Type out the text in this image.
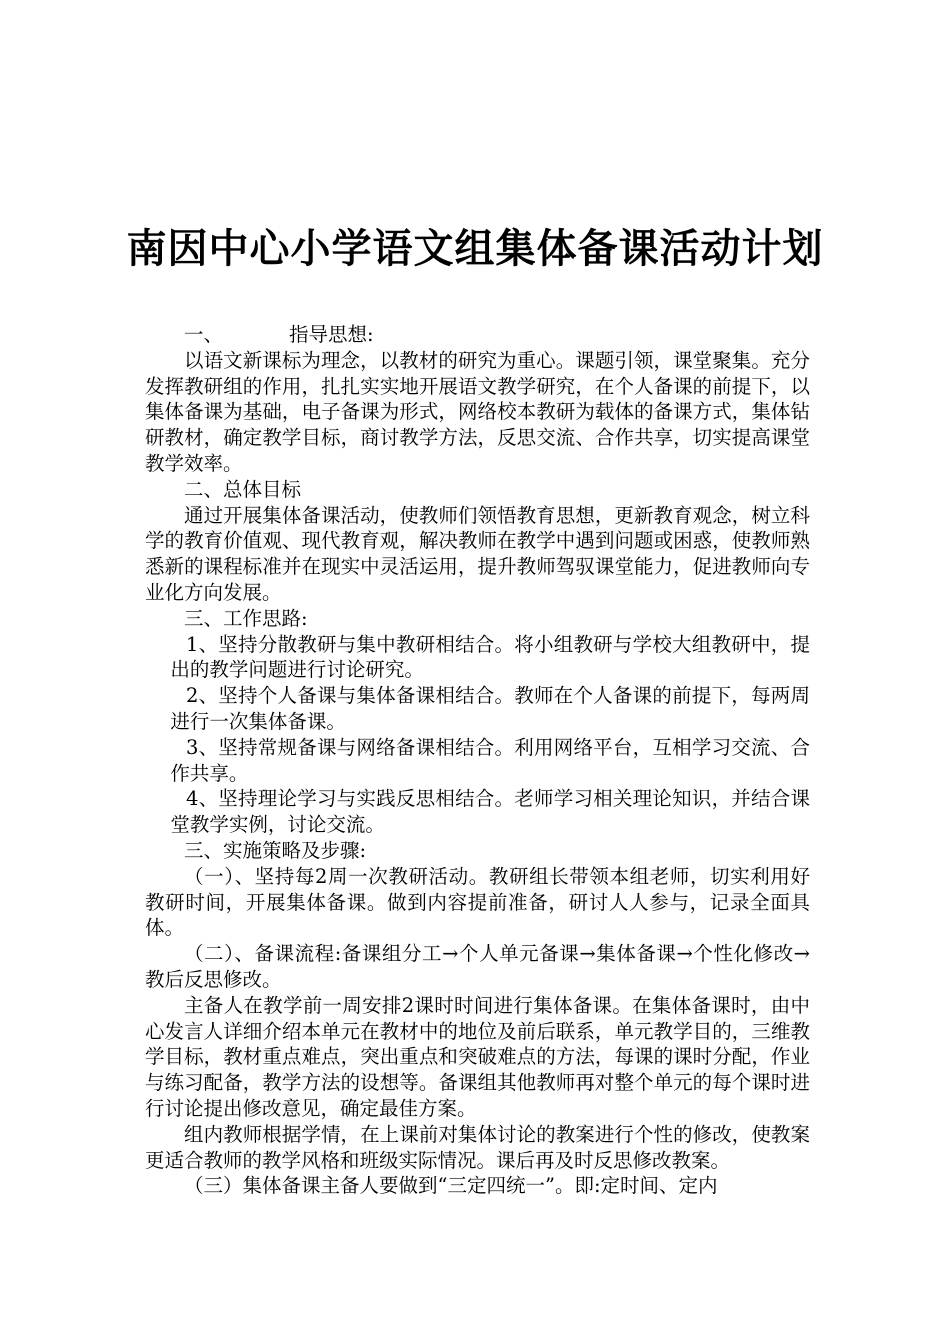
南因中心小学语文组集体备课活动计划

一、	指导思想:

以语文新课标为理念，以教材的研究为重心。课题引领，课堂聚集。充分发挥教研组的作用，扎扎实实地开展语文教学研究，在个人备课的前提下，以集体备课为基础，电子备课为形式，网络校本教研为载体的备课方式，集体钻研教材，确定教学目标，商讨教学方法，反思交流、合作共享，切实提高课堂教学效率。

二、总体目标

通过开展集体备课活动，使教师们领悟教育思想，更新教育观念，树立科学的教育价值观、现代教育观，解决教师在教学中遇到问题或困惑，使教师熟悉新的课程标准并在现实中灵活运用，提升教师驾驭课堂能力，促进教师向专业化方向发展。

三、工作思路:

1、坚持分散教研与集中教研相结合。将小组教研与学校大组教研中，提出的教学问题进行讨论研究。

2、坚持个人备课与集体备课相结合。教师在个人备课的前提下，每两周进行一次集体备课。

3、坚持常规备课与网络备课相结合。利用网络平台，互相学习交流、合作共享。

4、坚持理论学习与实践反思相结合。老师学习相关理论知识，并结合课堂教学实例，讨论交流。

三、实施策略及步骤:

（一）、坚持每2周一次教研活动。教研组长带领本组老师，切实利用好教研时间，开展集体备课。做到内容提前准备，研讨人人参与，记录全面具体。

（二）、备课流程:备课组分工→个人单元备课→集体备课→个性化修改→教后反思修改。

主备人在教学前一周安排2课时时间进行集体备课。在集体备课时，由中心发言人详细介绍本单元在教材中的地位及前后联系，单元教学目的，三维教学目标，教材重点难点，突出重点和突破难点的方法，每课的课时分配，作业与练习配备，教学方法的设想等。备课组其他教师再对整个单元的每个课时进行讨论提出修改意见，确定最佳方案。

组内教师根据学情，在上课前对集体讨论的教案进行个性的修改，使教案更适合教师的教学风格和班级实际情况。课后再及时反思修改教案。

（三）集体备课主备人要做到“三定四统一”。即:定时间、定内
